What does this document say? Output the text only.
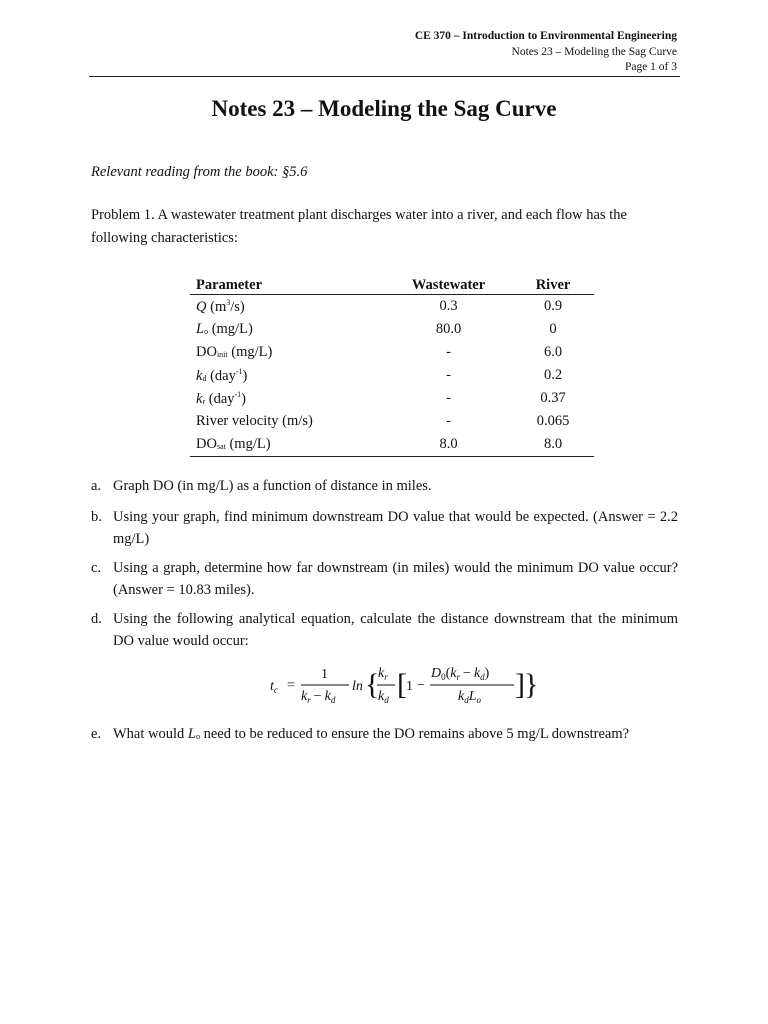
CE 370 – Introduction to Environmental Engineering
Notes 23 – Modeling the Sag Curve
Page 1 of 3
Notes 23 – Modeling the Sag Curve
Relevant reading from the book: §5.6
Problem 1. A wastewater treatment plant discharges water into a river, and each flow has the following characteristics:
Parameter	Wastewater	River
Q $(m^3/s)$	0.3	0.9
$L_o$ (mg/L)	80.0	0
$DO_{init}$ (mg/L)	-	6.0
$k_d$ (day$^{-1}$)	-	0.2
$k_r$ (day$^{-1}$)	-	0.37
River velocity (m/s)	-	0.065
$DO_{sat}$ (mg/L)	8.0	8.0
a. Graph DO (in mg/L) as a function of distance in miles.
b. Using your graph, find minimum downstream DO value that would be expected. (Answer = 2.2 mg/L)
c. Using a graph, determine how far downstream (in miles) would the minimum DO value occur? (Answer = 10.83 miles).
d. Using the following analytical equation, calculate the distance downstream that the minimum DO value would occur:
e. What would $L_o$ need to be reduced to ensure the DO remains above 5 mg/L downstream?
$t_c$ =
1
$k_r - k_d$
ln {
$k_r$
$k_d$ [ 1 −
$D_0(k_r - k_d)$
$k_dL_o$ ] }
